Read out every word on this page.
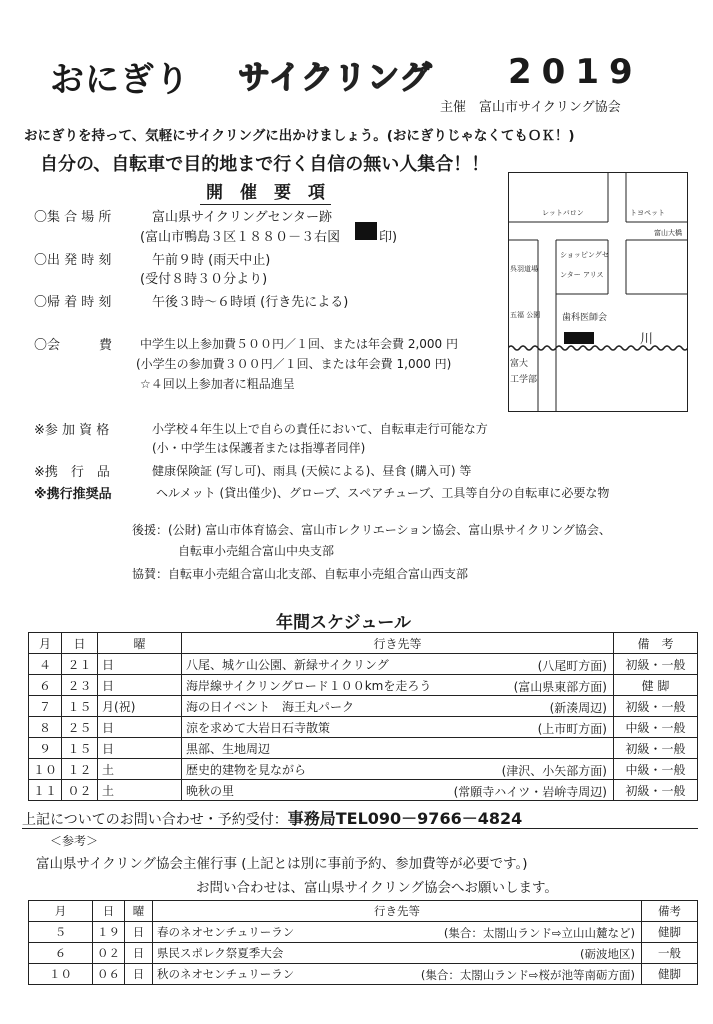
おにぎり サイクリング 2019
主催　富山市サイクリング協会
おにぎりを持って、気軽にサイクリングに出かけましょう。(おにぎりじゃなくてもＯＫ！)
自分の、自転車で目的地まで行く自信の無い人集合！！
開　催　要　項
〇集 合 場 所	富山県サイクリングセンター跡
(富山市鴨島３区１８８０－３右図	印)
〇出 発 時 刻	午前９時 (雨天中止)
(受付８時３０分より)
〇帰 着 時 刻	午後３時～６時頃 (行き先による)
〇会　　　費 中学生以上参加費５００円／１回、または年会費 2,000 円
(小学生の参加費３００円／１回、または年会費 1,000 円)
☆４回以上参加者に粗品進呈
※参 加 資 格	小学校４年生以上で自らの責任において、自転車走行可能な方
(小・中学生は保護者または指導者同伴)
※携　行　品	健康保険証 (写し可)、雨具 (天候による)、昼食 (購入可) 等
※携行推奨品	ヘルメット (貸出僅少)、グローブ、スペアチューブ、工具等自分の自転車に必要な物
レットバロン	トヨペット
富山大橋
ショッピングセ
ンター アリス
呉羽道場
五福 公園 歯科医師会
川
富大
工学部
後援：(公財) 富山市体育協会、富山市レクリエーション協会、富山県サイクリング協会、
自転車小売組合富山中央支部
協賛：自転車小売組合富山北支部、自転車小売組合富山西支部
年間スケジュール
月	日	曜	行き先等	備　考
４	２１	日	八尾、城ケ山公園、新緑サイクリング (八尾町方面)	初級・一般
６	２３	日	海岸線サイクリングロード１００kmを走ろう (富山県東部方面)	健 脚
７	１５	月(祝)	海の日イベント　海王丸パーク (新湊周辺)	初級・一般
８	２５	日	涼を求めて大岩日石寺散策 (上市町方面)	中級・一般
９	１５	日	黒部、生地周辺	初級・一般
１０	１２	土	歴史的建物を見ながら (津沢、小矢部方面)	中級・一般
１１	０２	土	晩秋の里 (常願寺ハイツ・岩峅寺周辺)	初級・一般
上記についてのお問い合わせ・予約受付：事務局TEL090－9766－4824
＜参考＞
富山県サイクリング協会主催行事 (上記とは別に事前予約、参加費等が必要です。)
お問い合わせは、富山県サイクリング協会へお願いします。
月	日	曜	行き先等	備考
５	１９	日	春のネオセンチュリーラン (集合：太閤山ランド⇨立山山麓など)	健脚
６	０２	日	県民スポレク祭夏季大会 (砺波地区)	一般
１０	０６	日	秋のネオセンチュリーラン (集合：太閤山ランド⇨桜が池等南砺方面)	健脚
